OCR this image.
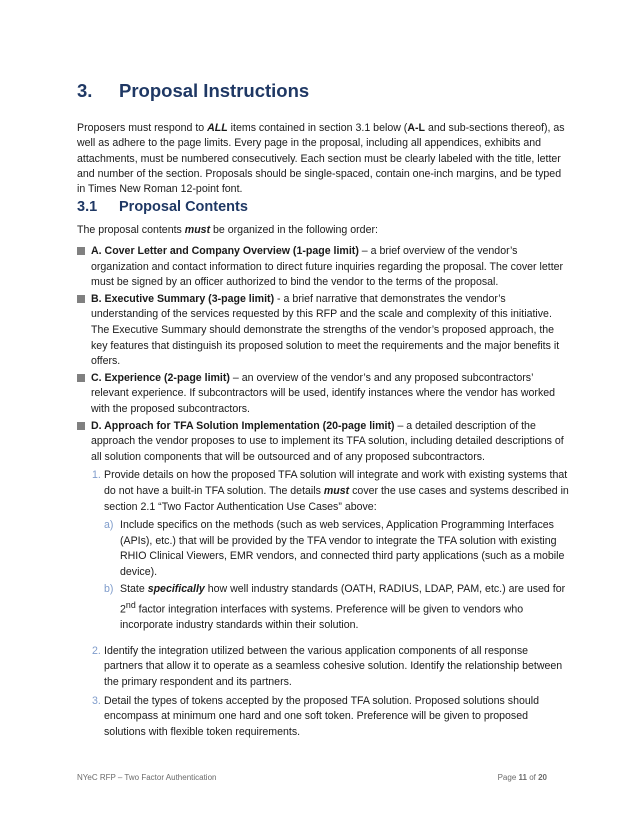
3. Proposal Instructions

Proposers must respond to ALL items contained in section 3.1 below (A-L and sub-sections thereof), as well as adhere to the page limits. Every page in the proposal, including all appendices, exhibits and attachments, must be numbered consecutively. Each section must be clearly labeled with the title, letter and number of the section. Proposals should be single-spaced, contain one-inch margins, and be typed in Times New Roman 12-point font.

3.1 Proposal Contents

The proposal contents must be organized in the following order:

A. Cover Letter and Company Overview (1-page limit) – a brief overview of the vendor’s organization and contact information to direct future inquiries regarding the proposal. The cover letter must be signed by an officer authorized to bind the vendor to the terms of the proposal.
B. Executive Summary (3-page limit) - a brief narrative that demonstrates the vendor’s understanding of the services requested by this RFP and the scale and complexity of this initiative. The Executive Summary should demonstrate the strengths of the vendor’s proposed approach, the key features that distinguish its proposed solution to meet the requirements and the major benefits it offers.
C. Experience (2-page limit) – an overview of the vendor’s and any proposed subcontractors’ relevant experience. If subcontractors will be used, identify instances where the vendor has worked with the proposed subcontractors.
D. Approach for TFA Solution Implementation (20-page limit) – a detailed description of the approach the vendor proposes to use to implement its TFA solution, including detailed descriptions of all solution components that will be outsourced and of any proposed subcontractors.
1. Provide details on how the proposed TFA solution will integrate and work with existing systems that do not have a built-in TFA solution. The details must cover the use cases and systems described in section 2.1 “Two Factor Authentication Use Cases” above:
a) Include specifics on the methods (such as web services, Application Programming Interfaces (APIs), etc.) that will be provided by the TFA vendor to integrate the TFA solution with existing RHIO Clinical Viewers, EMR vendors, and connected third party applications (such as a mobile device).
b) State specifically how well industry standards (OATH, RADIUS, LDAP, PAM, etc.) are used for 2nd factor integration interfaces with systems. Preference will be given to vendors who incorporate industry standards within their solution.
2. Identify the integration utilized between the various application components of all response partners that allow it to operate as a seamless cohesive solution. Identify the relationship between the primary respondent and its partners.
3. Detail the types of tokens accepted by the proposed TFA solution. Proposed solutions should encompass at minimum one hard and one soft token. Preference will be given to proposed solutions with flexible token requirements.
NYeC RFP – Two Factor Authentication	Page 11 of 20
